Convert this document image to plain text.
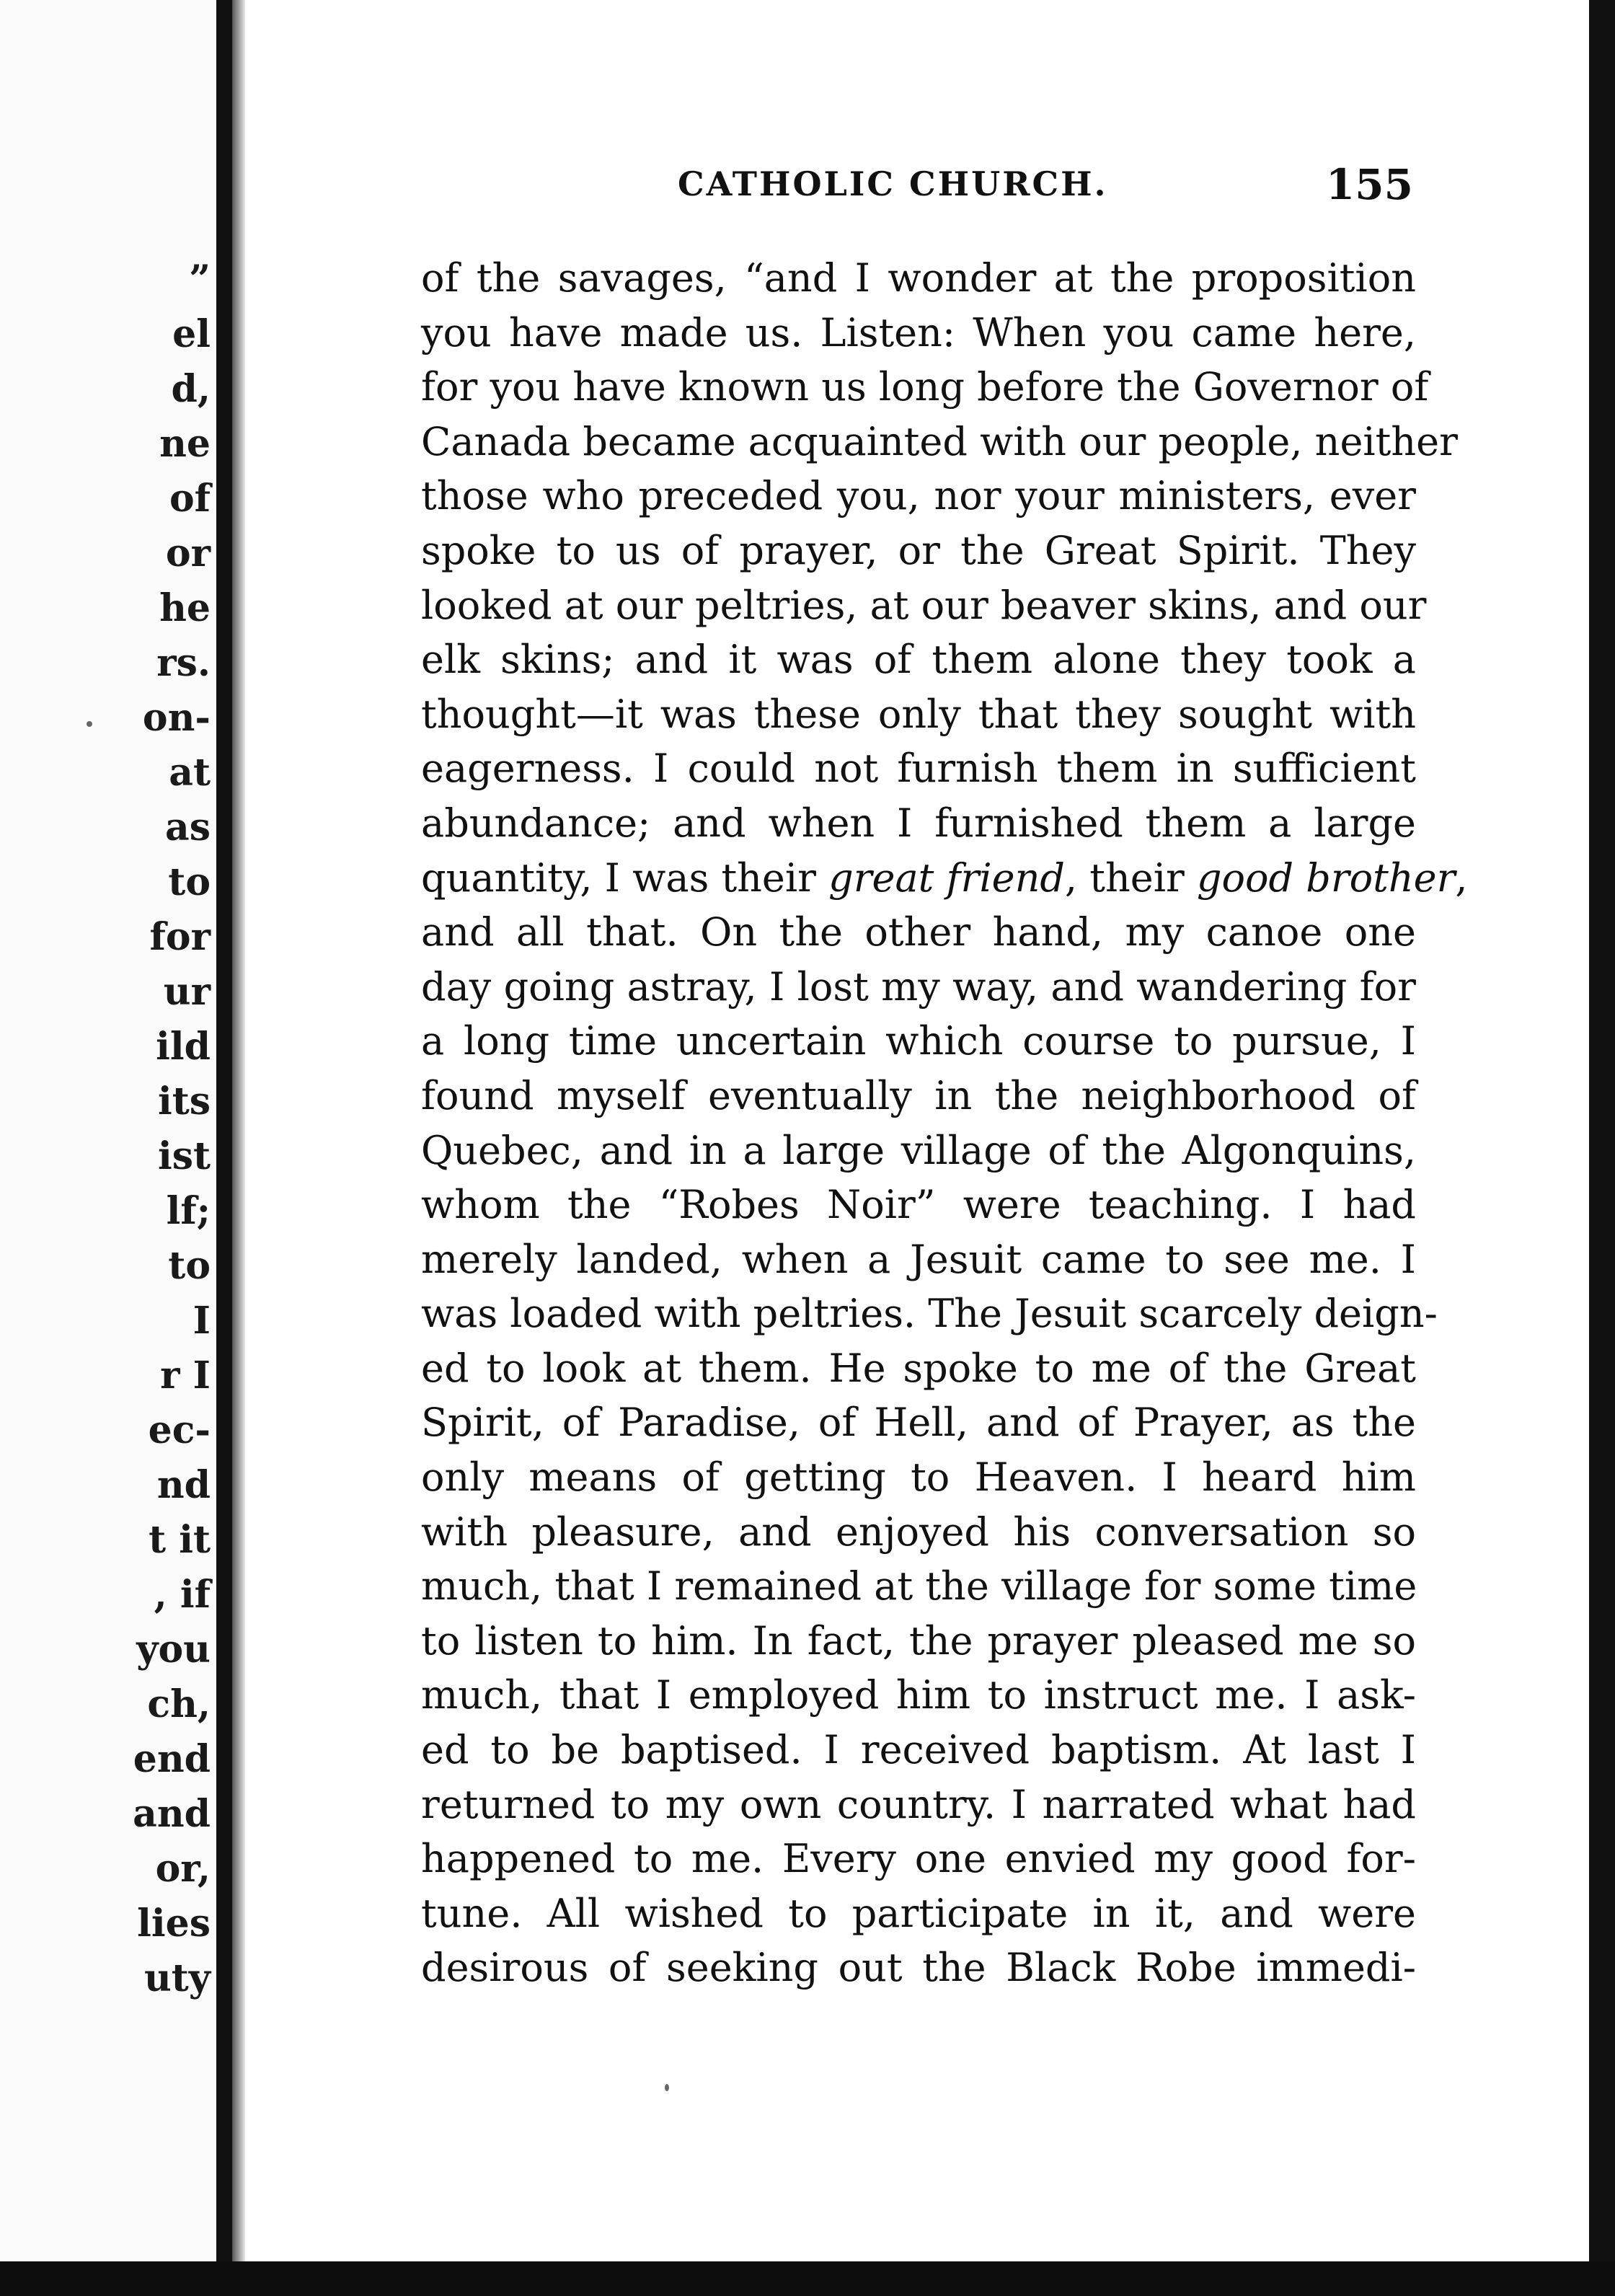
”
el
d,
ne
of
or
he
rs.
on-
at
as
to
for
ur
ild
its
ist
lf;
to
I
r I
ec-
nd
t it
, if
you
ch,
end
and
or,
lies
uty
CATHOLIC CHURCH.	155
of the savages, “and I wonder at the proposition
you have made us. Listen: When you came here,
for you have known us long before the Governor of
Canada became acquainted with our people, neither
those who preceded you, nor your ministers, ever
spoke to us of prayer, or the Great Spirit. They
looked at our peltries, at our beaver skins, and our
elk skins; and it was of them alone they took a
thought—it was these only that they sought with
eagerness. I could not furnish them in sufficient
abundance; and when I furnished them a large
quantity, I was their great friend, their good brother,
and all that. On the other hand, my canoe one
day going astray, I lost my way, and wandering for
a long time uncertain which course to pursue, I
found myself eventually in the neighborhood of
Quebec, and in a large village of the Algonquins,
whom the “Robes Noir” were teaching. I had
merely landed, when a Jesuit came to see me. I
was loaded with peltries. The Jesuit scarcely deign-
ed to look at them. He spoke to me of the Great
Spirit, of Paradise, of Hell, and of Prayer, as the
only means of getting to Heaven. I heard him
with pleasure, and enjoyed his conversation so
much, that I remained at the village for some time
to listen to him. In fact, the prayer pleased me so
much, that I employed him to instruct me. I ask-
ed to be baptised. I received baptism. At last I
returned to my own country. I narrated what had
happened to me. Every one envied my good for-
tune. All wished to participate in it, and were
desirous of seeking out the Black Robe immedi-
